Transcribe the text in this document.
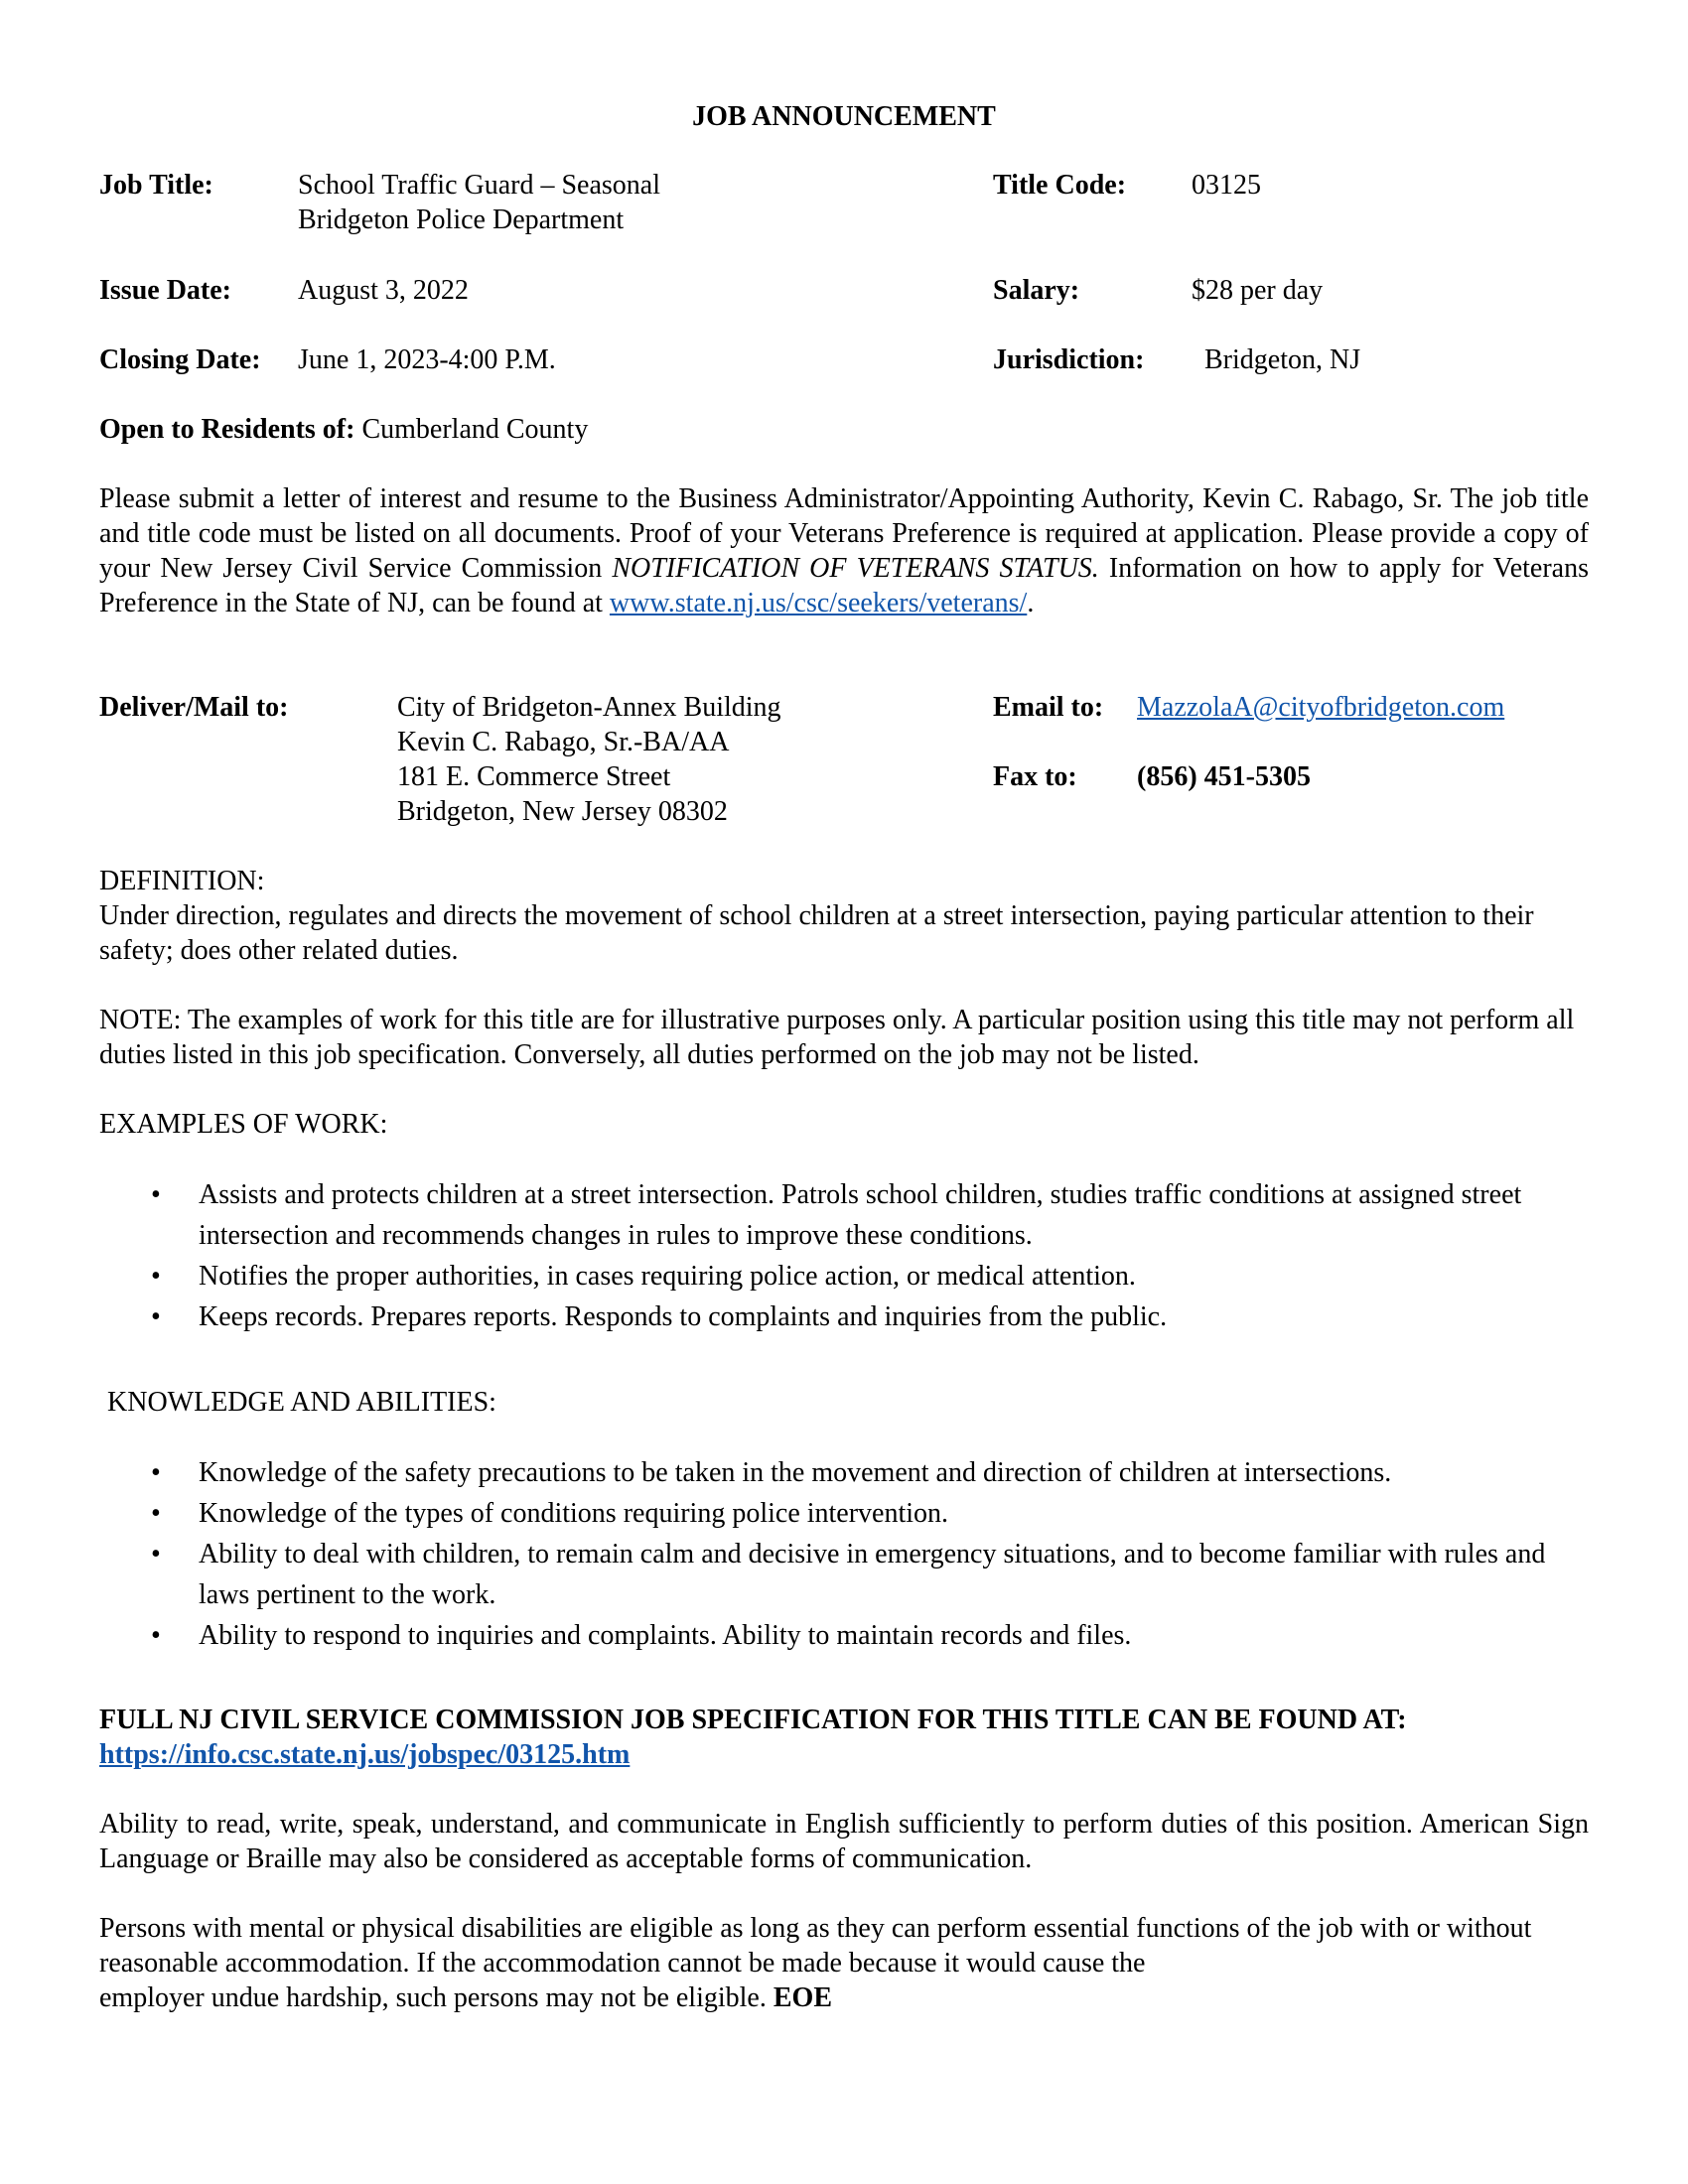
JOB ANNOUNCEMENT
Job Title:	School Traffic Guard – Seasonal
Bridgeton Police Department
Title Code: 03125
Issue Date: August 3, 2022	Salary:	$28 per day
Closing Date: June 1, 2023-4:00 P.M.	Jurisdiction: Bridgeton, NJ
Open to Residents of: Cumberland County
Please submit a letter of interest and resume to the Business Administrator/Appointing Authority, Kevin C. Rabago, Sr. The job title and title code must be listed on all documents. Proof of your Veterans Preference is required at application. Please provide a copy of your New Jersey Civil Service Commission NOTIFICATION OF VETERANS STATUS. Information on how to apply for Veterans Preference in the State of NJ, can be found at www.state.nj.us/csc/seekers/veterans/.
Deliver/Mail to:	City of Bridgeton-Annex Building
Kevin C. Rabago, Sr.-BA/AA
181 E. Commerce Street
Bridgeton, New Jersey 08302
Email to: MazzolaA@cityofbridgeton.com
Fax to: (856) 451-5305
DEFINITION:
Under direction, regulates and directs the movement of school children at a street intersection, paying particular attention to their safety; does other related duties.
NOTE: The examples of work for this title are for illustrative purposes only. A particular position using this title may not perform all duties listed in this job specification. Conversely, all duties performed on the job may not be listed.
EXAMPLES OF WORK:
• Assists and protects children at a street intersection. Patrols school children, studies traffic conditions at assigned street intersection and recommends changes in rules to improve these conditions.
• Notifies the proper authorities, in cases requiring police action, or medical attention.
• Keeps records. Prepares reports. Responds to complaints and inquiries from the public.
KNOWLEDGE AND ABILITIES:
• Knowledge of the safety precautions to be taken in the movement and direction of children at intersections.
• Knowledge of the types of conditions requiring police intervention.
• Ability to deal with children, to remain calm and decisive in emergency situations, and to become familiar with rules and laws pertinent to the work.
• Ability to respond to inquiries and complaints. Ability to maintain records and files.
FULL NJ CIVIL SERVICE COMMISSION JOB SPECIFICATION FOR THIS TITLE CAN BE FOUND AT:
https://info.csc.state.nj.us/jobspec/03125.htm
Ability to read, write, speak, understand, and communicate in English sufficiently to perform duties of this position. American Sign Language or Braille may also be considered as acceptable forms of communication.
Persons with mental or physical disabilities are eligible as long as they can perform essential functions of the job with or without reasonable accommodation. If the accommodation cannot be made because it would cause the
employer undue hardship, such persons may not be eligible. EOE
